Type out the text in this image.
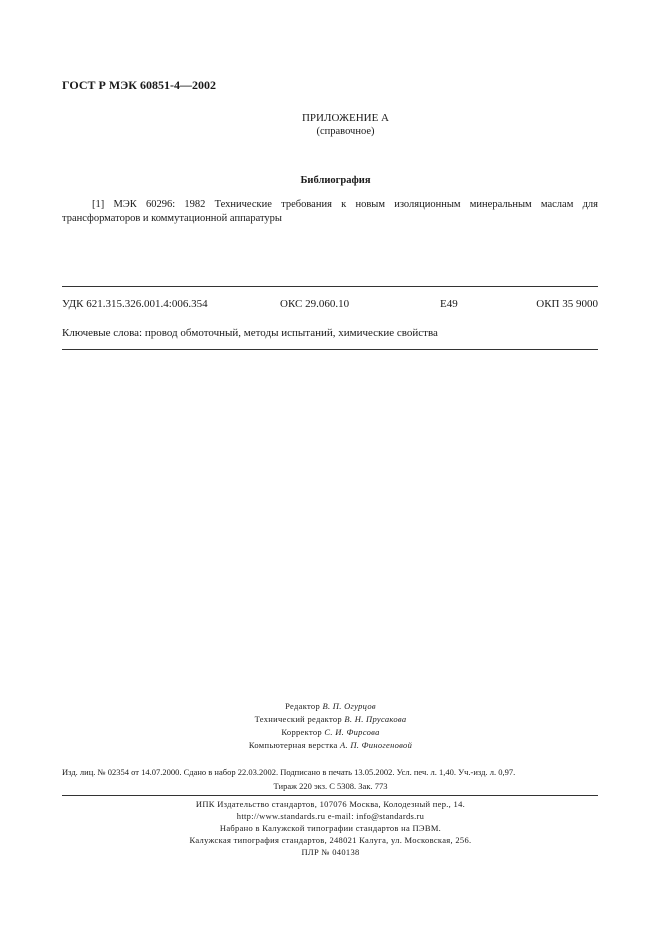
ГОСТ Р МЭК 60851-4—2002
ПРИЛОЖЕНИЕ А
(справочное)
Библиография
[1] МЭК 60296: 1982 Технические требования к новым изоляционным минеральным маслам для трансформаторов и коммутационной аппаратуры
УДК 621.315.326.001.4:006.354	ОКС 29.060.10	Е49	ОКП 35 9000
Ключевые слова: провод обмоточный, методы испытаний, химические свойства
Редактор В. П. Огурцов
Технический редактор В. Н. Прусакова
Корректор С. И. Фирсова
Компьютерная верстка А. П. Финогеновой
Изд. лиц. № 02354 от 14.07.2000. Сдано в набор 22.03.2002. Подписано в печать 13.05.2002. Усл. печ. л. 1,40. Уч.-изд. л. 0,97.
Тираж 220 экз. С 5308. Зак. 773
ИПК Издательство стандартов, 107076 Москва, Колодезный пер., 14.
http://www.standards.ru e-mail: info@standards.ru
Набрано в Калужской типографии стандартов на ПЭВМ.
Калужская типография стандартов, 248021 Калуга, ул. Московская, 256.
ПЛР № 040138
